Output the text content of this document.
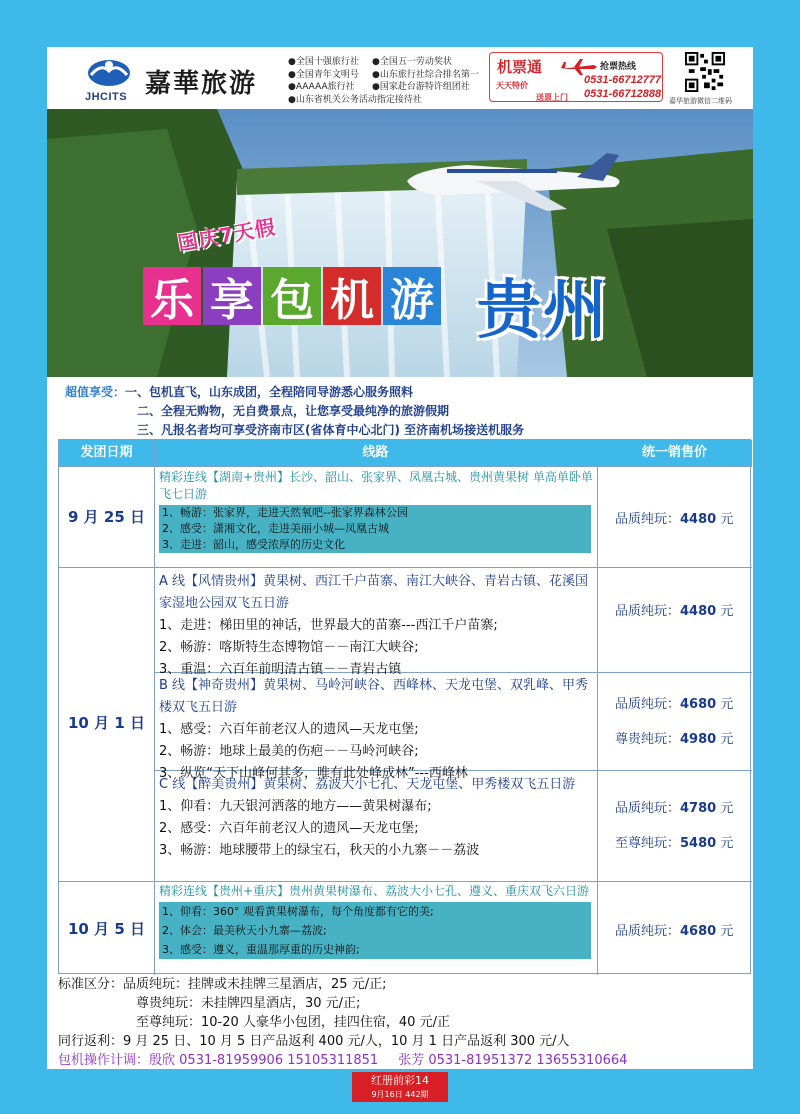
JHCITS 嘉華旅游
●全国十强旅行社
●全国青年文明号
●AAAAA旅行社
●山东省机关公务活动指定接待社
●全国五一劳动奖状
●山东旅行社综合排名第一
●国家赴台游特许组团社
机票通
天天特价
送票上门
抢票热线
0531-66712777
0531-66712888
嘉华旅游微信二维码
国庆7天假
乐 享 包 机 游 贵州
超值享受：一、包机直飞，山东成团，全程陪同导游悉心服务照料
二、全程无购物，无自费景点，让您享受最纯净的旅游假期
三、凡报名者均可享受济南市区(省体育中心北门) 至济南机场接送机服务
发团日期	线路	统一销售价
9 月 25 日
精彩连线【湖南+贵州】长沙、韶山、张家界、凤凰古城、贵州黄果树 单高单卧单飞七日游
1、畅游：张家界，走进天然氧吧--张家界森林公园
2、感受：潇湘文化，走进美丽小城—凤凰古城
3、走进：韶山，感受浓厚的历史文化
品质纯玩：4480 元
A 线【风情贵州】黄果树、西江千户苗寨、南江大峡谷、青岩古镇、花溪国家湿地公园双飞五日游
1、走进：梯田里的神话，世界最大的苗寨---西江千户苗寨;
2、畅游：喀斯特生态博物馆－－南江大峡谷;
3、重温：六百年前明清古镇－－青岩古镇
品质纯玩：4480 元
10 月 1 日
B 线【神奇贵州】黄果树、马岭河峡谷、西峰林、天龙屯堡、双乳峰、甲秀楼双飞五日游
1、感受：六百年前老汉人的遗风—天龙屯堡;
2、畅游：地球上最美的伤疤－－马岭河峡谷;
3、纵览“天下山峰何其多，唯有此处峰成林”---西峰林
品质纯玩：4680 元
尊贵纯玩：4980 元
C 线【醉美贵州】黄果树、荔波大小七孔、天龙屯堡、甲秀楼双飞五日游
1、仰看：九天银河洒落的地方——黄果树瀑布;
2、感受：六百年前老汉人的遗风—天龙屯堡;
3、畅游：地球腰带上的绿宝石，秋天的小九寨－－荔波
品质纯玩：4780 元
至尊纯玩：5480 元
10 月 5 日
精彩连线【贵州+重庆】贵州黄果树瀑布、荔波大小七孔、遵义、重庆双飞六日游
1、仰看：360° 观看黄果树瀑布，每个角度都有它的美;
2、体会：最美秋天小九寨—荔波;
3、感受：遵义，重温那厚重的历史神韵;
品质纯玩：4680 元
标准区分：品质纯玩：挂牌或未挂牌三星酒店，25 元/正;
尊贵纯玩：未挂牌四星酒店，30 元/正;
至尊纯玩：10-20 人豪华小包团，挂四住宿，40 元/正
同行返利：9 月 25 日、10 月 5 日产品返利 400 元/人，10 月 1 日产品返利 300 元/人
包机操作计调：殷欣 0531-81959906 15105311851 张芳 0531-81951372 13655310664
红册前彩14
9月16日 442期
